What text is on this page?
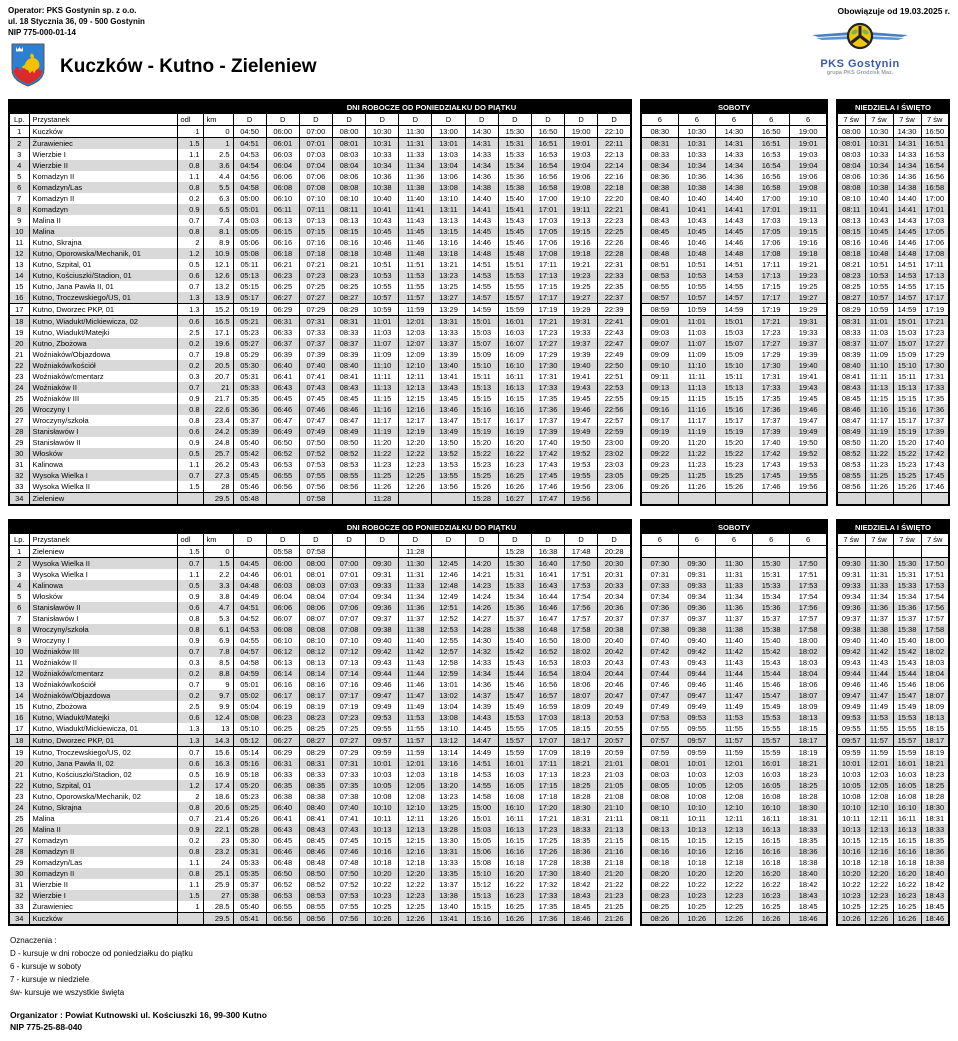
Operator: PKS Gostynin sp. z o.o.
ul. 18 Stycznia 36, 09 - 500 Gostynin
NIP 775-000-01-14
Obowiązuje od 19.03.2025 r.
PKS Gostynin
grupa PKS Grodzisk Maz.
Kuczków - Kutno - Zieleniew
				DNI ROBOCZE OD PONIEDZIAŁKU DO PIĄTKU											
Lp.	Przystanek	odl	km	D	D	D	D	D	D	D	D	D	D	D	D
1	Kuczków	1	0	04:50	06:00	07:00	08:00	10:30	11:30	13:00	14:30	15:30	16:50	19:00	22:10
2	Żurawieniec	1.5	1	04:51	06:01	07:01	08:01	10:31	11:31	13:01	14:31	15:31	16:51	19:01	22:11
3	Wierzbie I	1.1	2.5	04:53	06:03	07:03	08:03	10:33	11:33	13:03	14:33	15:33	16:53	19:03	22:13
4	Wierzbie II	0.8	3.6	04:54	06:04	07:04	08:04	10:34	11:34	13:04	14:34	15:34	16:54	19:04	22:14
5	Komadzyn II	1.1	4.4	04:56	06:06	07:06	08:06	10:36	11:36	13:06	14:36	15:36	16:56	19:06	22:16
6	Komadzyn/Las	0.8	5.5	04:58	06:08	07:08	08:08	10:38	11:38	13:08	14:38	15:38	16:58	19:08	22:18
7	Komadzyn II	0.2	6.3	05:00	06:10	07:10	08:10	10:40	11:40	13:10	14:40	15:40	17:00	19:10	22:20
8	Komadzyn	0.9	6.5	05:01	06:11	07:11	08:11	10:41	11:41	13:11	14:41	15:41	17:01	19:11	22:21
9	Malina II	0.7	7.4	05:03	06:13	07:13	08:13	10:43	11:43	13:13	14:43	15:43	17:03	19:13	22:23
10	Malina	0.8	8.1	05:05	06:15	07:15	08:15	10:45	11:45	13:15	14:45	15:45	17:05	19:15	22:25
11	Kutno, Skrajna	2	8.9	05:06	06:16	07:16	08:16	10:46	11:46	13:16	14:46	15:46	17:06	19:16	22:26
12	Kutno, Oporowska/Mechanik, 01	1.2	10.9	05:08	06:18	07:18	08:18	10:48	11:48	13:18	14:48	15:48	17:08	19:18	22:28
13	Kutno, Szpital, 01	0.5	12.1	05:11	06:21	07:21	08:21	10:51	11:51	13:21	14:51	15:51	17:11	19:21	22:31
14	Kutno, Kościuszki/Stadion, 01	0.6	12.6	05:13	06:23	07:23	08:23	10:53	11:53	13:23	14:53	15:53	17:13	19:23	22:33
15	Kutno, Jana Pawła II, 01	0.7	13.2	05:15	06:25	07:25	08:25	10:55	11:55	13:25	14:55	15:55	17:15	19:25	22:35
16	Kutno, Troczewskiego/US, 01	1.3	13.9	05:17	06:27	07:27	08:27	10:57	11:57	13:27	14:57	15:57	17:17	19:27	22:37
17	Kutno, Dworzec PKP, 01	1.3	15.2	05:19	06:29	07:29	08:29	10:59	11:59	13:29	14:59	15:59	17:19	19:29	22:39
18	Kutno, Wiadukt/Mickiewicza, 02	0.6	16.5	05:21	06:31	07:31	08:31	11:01	12:01	13:31	15:01	16:01	17:21	19:31	22:41
19	Kutno, Wiadukt/Matejki	2.5	17.1	05:23	06:33	07:33	08:33	11:03	12:03	13:33	15:03	16:03	17:23	19:33	22:43
20	Kutno, Zbożowa	0.2	19.6	05:27	06:37	07:37	08:37	11:07	12:07	13:37	15:07	16:07	17:27	19:37	22:47
21	Woźniaków/Objazdowa	0.7	19.8	05:29	06:39	07:39	08:39	11:09	12:09	13:39	15:09	16:09	17:29	19:39	22:49
22	Woźniaków/kościół	0.2	20.5	05:30	06:40	07:40	08:40	11:10	12:10	13:40	15:10	16:10	17:30	19:40	22:50
23	Woźniaków/cmentarz	0.3	20.7	05:31	06:41	07:41	08:41	11:11	12:11	13:41	15:11	16:11	17:31	19:41	22:51
24	Woźniaków II	0.7	21	05:33	06:43	07:43	08:43	11:13	12:13	13:43	15:13	16:13	17:33	19:43	22:53
25	Woźniaków III	0.9	21.7	05:35	06:45	07:45	08:45	11:15	12:15	13:45	15:15	16:15	17:35	19:45	22:55
26	Wroczyny I	0.8	22.6	05:36	06:46	07:46	08:46	11:16	12:16	13:46	15:16	16:16	17:36	19:46	22:56
27	Wroczyny/szkoła	0.8	23.4	05:37	06:47	07:47	08:47	11:17	12:17	13:47	15:17	16:17	17:37	19:47	22:57
28	Stanisławów I	0.6	24.2	05:39	06:49	07:49	08:49	11:19	12:19	13:49	15:19	16:19	17:39	19:49	22:59
29	Stanisławów II	0.9	24.8	05:40	06:50	07:50	08:50	11:20	12:20	13:50	15:20	16:20	17:40	19:50	23:00
30	Włosków	0.5	25.7	05:42	06:52	07:52	08:52	11:22	12:22	13:52	15:22	16:22	17:42	19:52	23:02
31	Kalinowa	1.1	26.2	05:43	06:53	07:53	08:53	11:23	12:23	13:53	15:23	16:23	17:43	19:53	23:03
32	Wysoka Wielka I	0.7	27.3	05:45	06:55	07:55	08:55	11:25	12:25	13:55	15:25	16:25	17:45	19:55	23:05
33	Wysoka Wielka II	1.5	28	05:46	06:56	07:56	08:56	11:26	12:26	13:56	15:26	16:26	17:46	19:56	23:06
34	Zieleniew		29.5	05:48		07:58		11:28			15:28	16:27	17:47	19:56	
SOBOTY				
6	6	6	6	6
08:30	10:30	14:30	16:50	19:00
08:31	10:31	14:31	16:51	19:01
08:33	10:33	14:33	16:53	19:03
08:34	10:34	14:34	16:54	19:04
08:36	10:36	14:36	16:56	19:06
08:38	10:38	14:38	16:58	19:08
08:40	10:40	14:40	17:00	19:10
08:41	10:41	14:41	17:01	19:11
08:43	10:43	14:43	17:03	19:13
08:45	10:45	14:45	17:05	19:15
08:46	10:46	14:46	17:06	19:16
08:48	10:48	14:48	17:08	19:18
08:51	10:51	14:51	17:11	19:21
08:53	10:53	14:53	17:13	19:23
08:55	10:55	14:55	17:15	19:25
08:57	10:57	14:57	17:17	19:27
08:59	10:59	14:59	17:19	19:29
09:01	11:01	15:01	17:21	19:31
09:03	11:03	15:03	17:23	19:33
09:07	11:07	15:07	17:27	19:37
09:09	11:09	15:09	17:29	19:39
09:10	11:10	15:10	17:30	19:40
09:11	11:11	15:11	17:31	19:41
09:13	11:13	15:13	17:33	19:43
09:15	11:15	15:15	17:35	19:45
09:16	11:16	15:16	17:36	19:46
09:17	11:17	15:17	17:37	19:47
09:19	11:19	15:19	17:39	19:49
09:20	11:20	15:20	17:40	19:50
09:22	11:22	15:22	17:42	19:52
09:23	11:23	15:23	17:43	19:53
09:25	11:25	15:25	17:45	19:55
09:26	11:26	15:26	17:46	19:56

NIEDZIELA I ŚWIĘTO			
7 św	7 św	7 św	7 św
08:00	10:30	14:30	16:50
08:01	10:31	14:31	16:51
08:03	10:33	14:33	16:53
08:04	10:34	14:34	16:54
08:06	10:36	14:36	16:56
08:08	10:38	14:38	16:58
08:10	10:40	14:40	17:00
08:11	10:41	14:41	17:01
08:13	10:43	14:43	17:03
08:15	10:45	14:45	17:05
08:16	10:46	14:46	17:06
08:18	10:48	14:48	17:08
08:21	10:51	14:51	17:11
08:23	10:53	14:53	17:13
08:25	10:55	14:55	17:15
08:27	10:57	14:57	17:17
08:29	10:59	14:59	17:19
08:31	11:01	15:01	17:21
08:33	11:03	15:03	17:23
08:37	11:07	15:07	17:27
08:39	11:09	15:09	17:29
08:40	11:10	15:10	17:30
08:41	11:11	15:11	17:31
08:43	11:13	15:13	17:33
08:45	11:15	15:15	17:35
08:46	11:16	15:16	17:36
08:47	11:17	15:17	17:37
08:49	11:19	15:19	17:39
08:50	11:20	15:20	17:40
08:52	11:22	15:22	17:42
08:53	11:23	15:23	17:43
08:55	11:25	15:25	17:45
08:56	11:26	15:26	17:46

				DNI ROBOCZE OD PONIEDZIAŁKU DO PIĄTKU											
Lp.	Przystanek	odl	km	D	D	D	D	D	D	D	D	D	D	D	D
1	Zieleniew	1.5	0		05:58	07:58			11:28			15:28	16:38	17:48	20:28
2	Wysoka Wielka II	0.7	1.5	04:45	06:00	08:00	07:00	09:30	11:30	12:45	14:20	15:30	16:40	17:50	20:30
3	Wysoka Wielka I	1.1	2.2	04:46	06:01	08:01	07:01	09:31	11:31	12:46	14:21	15:31	16:41	17:51	20:31
4	Kalinowa	0.5	3.3	04:48	06:03	08:03	07:03	09:33	11:33	12:48	14:23	15:33	16:43	17:53	20:33
5	Włosków	0.9	3.8	04:49	06:04	08:04	07:04	09:34	11:34	12:49	14:24	15:34	16:44	17:54	20:34
6	Stanisławów II	0.6	4.7	04:51	06:06	08:06	07:06	09:36	11:36	12:51	14:26	15:36	16:46	17:56	20:36
7	Stanisławów I	0.8	5.3	04:52	06:07	08:07	07:07	09:37	11:37	12:52	14:27	15:37	16:47	17:57	20:37
8	Wroczyny/szkoła	0.8	6.1	04:53	06:08	08:08	07:08	09:38	11:38	12:53	14:28	15:38	16:48	17:58	20:38
9	Wroczyny I	0.9	6.9	04:55	06:10	08:10	07:10	09:40	11:40	12:55	14:30	15:40	16:50	18:00	20:40
10	Woźniaków III	0.7	7.8	04:57	06:12	08:12	07:12	09:42	11:42	12:57	14:32	15:42	16:52	18:02	20:42
11	Woźniaków II	0.3	8.5	04:58	06:13	08:13	07:13	09:43	11:43	12:58	14:33	15:43	16:53	18:03	20:43
12	Woźniaków/cmentarz	0.2	8.8	04:59	06:14	08:14	07:14	09:44	11:44	12:59	14:34	15:44	16:54	18:04	20:44
13	Woźniaków/kościół	0.7	9	05:01	06:16	08:16	07:16	09:46	11:46	13:01	14:36	15:46	16:56	18:06	20:46
14	Woźniaków/Objazdowa	0.2	9.7	05:02	06:17	08:17	07:17	09:47	11:47	13:02	14:37	15:47	16:57	18:07	20:47
15	Kutno, Zbożowa	2.5	9.9	05:04	06:19	08:19	07:19	09:49	11:49	13:04	14:39	15:49	16:59	18:09	20:49
16	Kutno, Wiadukt/Matejki	0.6	12.4	05:08	06:23	08:23	07:23	09:53	11:53	13:08	14:43	15:53	17:03	18:13	20:53
17	Kutno, Wiadukt/Mickiewicza, 01	1.3	13	05:10	06:25	08:25	07:25	09:55	11:55	13:10	14:45	15:55	17:05	18:15	20:55
18	Kutno, Dworzec PKP, 01	1.3	14.3	05:12	06:27	08:27	07:27	09:57	11:57	13:12	14:47	15:57	17:07	18:17	20:57
19	Kutno, Troczewskiego/US, 02	0.7	15.6	05:14	06:29	08:29	07:29	09:59	11:59	13:14	14:49	15:59	17:09	18:19	20:59
20	Kutno, Jana Pawła II, 02	0.6	16.3	05:16	06:31	08:31	07:31	10:01	12:01	13:16	14:51	16:01	17:11	18:21	21:01
21	Kutno, Kościuszki/Stadion, 02	0.5	16.9	05:18	06:33	08:33	07:33	10:03	12:03	13:18	14:53	16:03	17:13	18:23	21:03
22	Kutno, Szpital, 01	1.2	17.4	05:20	06:35	08:35	07:35	10:05	12:05	13:20	14:55	16:05	17:15	18:25	21:05
23	Kutno, Oporowska/Mechanik, 02	2	18.6	05:23	06:38	08:38	07:38	10:08	12:08	13:23	14:58	16:08	17:18	18:28	21:08
24	Kutno, Skrajna	0.8	20.6	05:25	06:40	08:40	07:40	10:10	12:10	13:25	15:00	16:10	17:20	18:30	21:10
25	Malina	0.7	21.4	05:26	06:41	08:41	07:41	10:11	12:11	13:26	15:01	16:11	17:21	18:31	21:11
26	Malina II	0.9	22.1	05:28	06:43	08:43	07:43	10:13	12:13	13:28	15:03	16:13	17:23	18:33	21:13
27	Komadzyn	0.2	23	05:30	06:45	08:45	07:45	10:15	12:15	13:30	15:05	16:15	17:25	18:35	21:15
28	Komadzyn II	0.8	23.2	05:31	06:46	08:46	07:46	10:16	12:16	13:31	15:06	16:16	17:26	18:36	21:16
29	Komadzyn/Las	1.1	24	05:33	06:48	08:48	07:48	10:18	12:18	13:33	15:08	16:18	17:28	18:38	21:18
30	Komadzyn II	0.8	25.1	05:35	06:50	08:50	07:50	10:20	12:20	13:35	15:10	16:20	17:30	18:40	21:20
31	Wierzbie II	1.1	25.9	05:37	06:52	08:52	07:52	10:22	12:22	13:37	15:12	16:22	17:32	18:42	21:22
32	Wierzbie I	1.5	27	05:38	06:53	08:53	07:53	10:23	12:23	13:38	15:13	16:23	17:33	18:43	21:23
33	Żurawieniec	1	28.5	05:40	06:55	08:55	07:55	10:25	12:25	13:40	15:15	16:25	17:35	18:45	21:25
34	Kuczków		29.5	05:41	06:56	08:56	07:56	10:26	12:26	13:41	15:16	16:26	17:36	18:46	21:26
SOBOTY				
6	6	6	6	6

07:30	09:30	11:30	15:30	17:50
07:31	09:31	11:31	15:31	17:51
07:33	09:33	11:33	15:33	17:53
07:34	09:34	11:34	15:34	17:54
07:36	09:36	11:36	15:36	17:56
07:37	09:37	11:37	15:37	17:57
07:38	09:38	11:38	15:38	17:58
07:40	09:40	11:40	15:40	18:00
07:42	09:42	11:42	15:42	18:02
07:43	09:43	11:43	15:43	18:03
07:44	09:44	11:44	15:44	18:04
07:46	09:46	11:46	15:46	18:06
07:47	09:47	11:47	15:47	18:07
07:49	09:49	11:49	15:49	18:09
07:53	09:53	11:53	15:53	18:13
07:55	09:55	11:55	15:55	18:15
07:57	09:57	11:57	15:57	18:17
07:59	09:59	11:59	15:59	18:19
08:01	10:01	12:01	16:01	18:21
08:03	10:03	12:03	16:03	18:23
08:05	10:05	12:05	16:05	18:25
08:08	10:08	12:08	16:08	18:28
08:10	10:10	12:10	16:10	18:30
08:11	10:11	12:11	16:11	18:31
08:13	10:13	12:13	16:13	18:33
08:15	10:15	12:15	16:15	18:35
08:16	10:16	12:16	16:16	18:36
08:18	10:18	12:18	16:18	18:38
08:20	10:20	12:20	16:20	18:40
08:22	10:22	12:22	16:22	18:42
08:23	10:23	12:23	16:23	18:43
08:25	10:25	12:25	16:25	18:45
08:26	10:26	12:26	16:26	18:46
NIEDZIELA I ŚWIĘTO			
7 św	7 św	7 św	7 św

09:30	11:30	15:30	17:50
09:31	11:31	15:31	17:51
09:33	11:33	15:33	17:53
09:34	11:34	15:34	17:54
09:36	11:36	15:36	17:56
09:37	11:37	15:37	17:57
09:38	11:38	15:38	17:58
09:40	11:40	15:40	18:00
09:42	11:42	15:42	18:02
09:43	11:43	15:43	18:03
09:44	11:44	15:44	18:04
09:46	11:46	15:46	18:06
09:47	11:47	15:47	18:07
09:49	11:49	15:49	18:09
09:53	11:53	15:53	18:13
09:55	11:55	15:55	18:15
09:57	11:57	15:57	18:17
09:59	11:59	15:59	18:19
10:01	12:01	16:01	18:21
10:03	12:03	16:03	18:23
10:05	12:05	16:05	18:25
10:08	12:08	16:08	18:28
10:10	12:10	16:10	18:30
10:11	12:11	16:11	18:31
10:13	12:13	16:13	18:33
10:15	12:15	16:15	18:35
10:16	12:16	16:16	18:36
10:18	12:18	16:18	18:38
10:20	12:20	16:20	18:40
10:22	12:22	16:22	18:42
10:23	12:23	16:23	18:43
10:25	12:25	16:25	18:45
10:26	12:26	16:26	18:46
Oznaczenia :
D - kursuje w dni robocze od poniedziałku do piątku
6 - kursuje w soboty
7 - kursuje w niedziele
św- kursuje we wszystkie święta
Organizator : Powiat Kutnowski ul. Kościuszki 16, 99-300 Kutno
NIP 775-25-88-040
